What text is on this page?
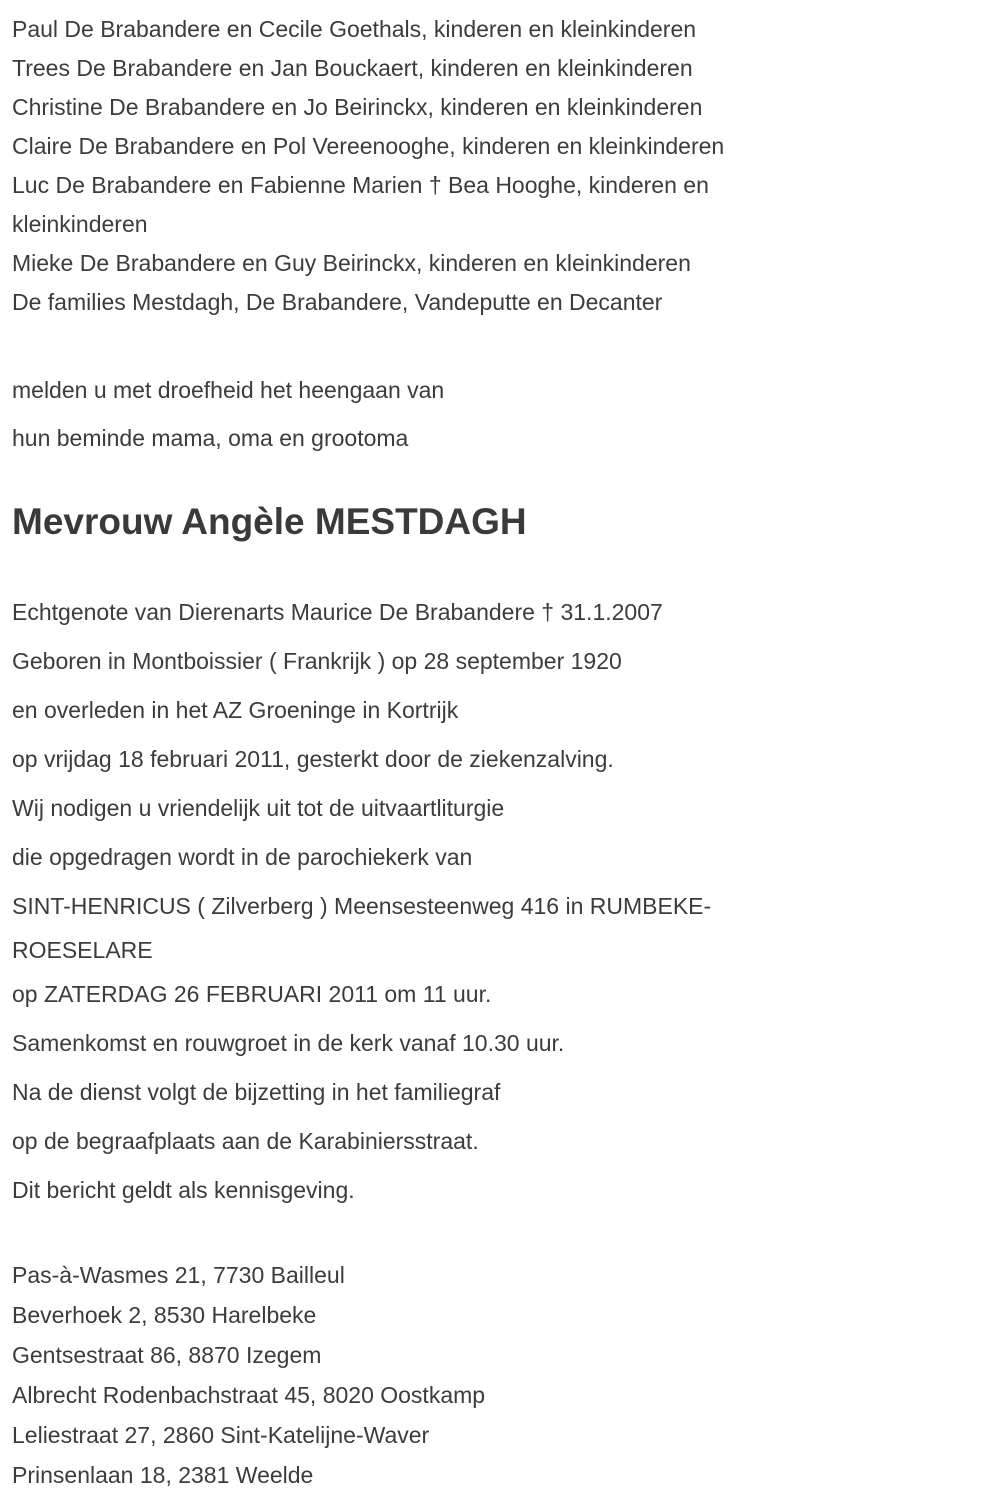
Paul De Brabandere en Cecile Goethals, kinderen en kleinkinderen
Trees De Brabandere en Jan Bouckaert, kinderen en kleinkinderen
Christine De Brabandere en Jo Beirinckx, kinderen en kleinkinderen
Claire De Brabandere en Pol Vereenooghe, kinderen en kleinkinderen
Luc De Brabandere en Fabienne Marien † Bea Hooghe, kinderen en
kleinkinderen
Mieke De Brabandere en Guy Beirinckx, kinderen en kleinkinderen
De families Mestdagh, De Brabandere, Vandeputte en Decanter
melden u met droefheid het heengaan van
hun beminde mama, oma en grootoma
Mevrouw Angèle MESTDAGH
Echtgenote van Dierenarts Maurice De Brabandere † 31.1.2007
Geboren in Montboissier ( Frankrijk ) op 28 september 1920
en overleden in het AZ Groeninge in Kortrijk
op vrijdag 18 februari 2011, gesterkt door de ziekenzalving.
Wij nodigen u vriendelijk uit tot de uitvaartliturgie
die opgedragen wordt in de parochiekerk van
SINT-HENRICUS ( Zilverberg ) Meensesteenweg 416 in RUMBEKE-
ROESELARE
op ZATERDAG 26 FEBRUARI 2011 om 11 uur.
Samenkomst en rouwgroet in de kerk vanaf 10.30 uur.
Na de dienst volgt de bijzetting in het familiegraf
op de begraafplaats aan de Karabiniersstraat.
Dit bericht geldt als kennisgeving.
Pas-à-Wasmes 21, 7730 Bailleul
Beverhoek 2, 8530 Harelbeke
Gentsestraat 86, 8870 Izegem
Albrecht Rodenbachstraat 45, 8020 Oostkamp
Leliestraat 27, 2860 Sint-Katelijne-Waver
Prinsenlaan 18, 2381 Weelde
